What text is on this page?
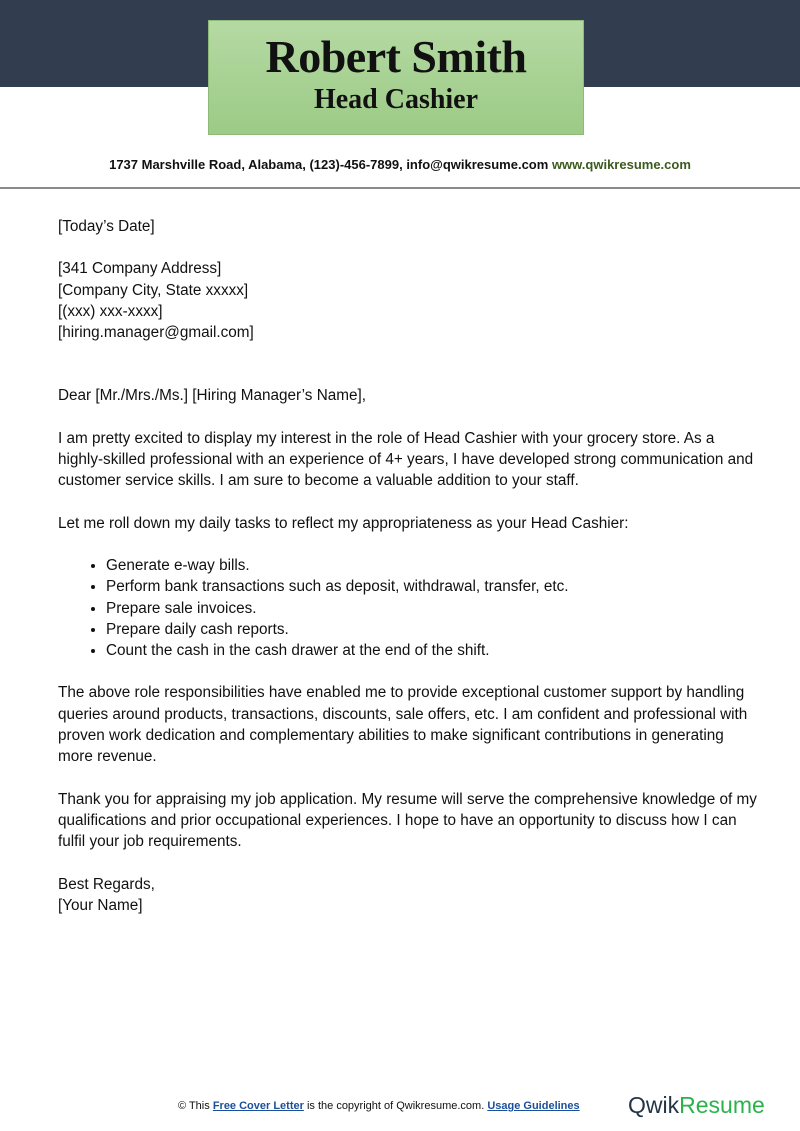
Robert Smith
Head Cashier
1737 Marshville Road, Alabama, (123)-456-7899, info@qwikresume.com www.qwikresume.com

[Today’s Date]

[341 Company Address]
[Company City, State xxxxx]
[(xxx) xxx-xxxx]
[hiring.manager@gmail.com]

Dear [Mr./Mrs./Ms.] [Hiring Manager’s Name],

I am pretty excited to display my interest in the role of Head Cashier with your grocery store. As a highly-skilled professional with an experience of 4+ years, I have developed strong communication and customer service skills. I am sure to become a valuable addition to your staff.

Let me roll down my daily tasks to reflect my appropriateness as your Head Cashier:

• Generate e-way bills.
• Perform bank transactions such as deposit, withdrawal, transfer, etc.
• Prepare sale invoices.
• Prepare daily cash reports.
• Count the cash in the cash drawer at the end of the shift.

The above role responsibilities have enabled me to provide exceptional customer support by handling queries around products, transactions, discounts, sale offers, etc. I am confident and professional with proven work dedication and complementary abilities to make significant contributions in generating more revenue.

Thank you for appraising my job application. My resume will serve the comprehensive knowledge of my qualifications and prior occupational experiences. I hope to have an opportunity to discuss how I can fulfil your job requirements.

Best Regards,
[Your Name]

© This Free Cover Letter is the copyright of Qwikresume.com. Usage Guidelines QwikResume
